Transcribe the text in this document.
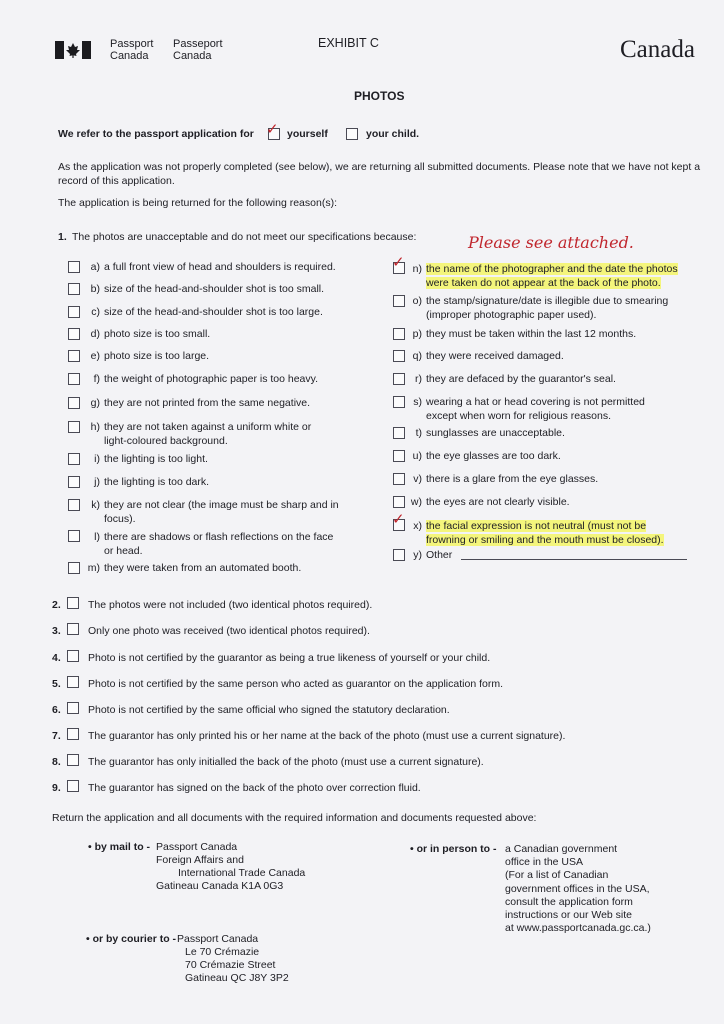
Passport
Canada
Passeport
Canada
EXHIBIT C	Canada
PHOTOS
We refer to the passport application for ✓ yourself	your child.
As the application was not properly completed (see below), we are returning all submitted documents. Please note that we have not kept a record of this application.
The application is being returned for the following reason(s):
1. The photos are unacceptable and do not meet our specifications because:	Please see attached.
a) a full front view of head and shoulders is required.
b) size of the head-and-shoulder shot is too small.
c) size of the head-and-shoulder shot is too large.
d) photo size is too small.
e) photo size is too large.
f) the weight of photographic paper is too heavy.
g) they are not printed from the same negative.
h) they are not taken against a uniform white or
light-coloured background.
i) the lighting is too light.
j) the lighting is too dark.
k) they are not clear (the image must be sharp and in
focus).
l) there are shadows or flash reflections on the face
or head.
m) they were taken from an automated booth.
✓ n) the name of the photographer and the date the photos
were taken do not appear at the back of the photo.
o) the stamp/signature/date is illegible due to smearing
(improper photographic paper used).
p) they must be taken within the last 12 months.
q) they were received damaged.
r) they are defaced by the guarantor's seal.
s) wearing a hat or head covering is not permitted
except when worn for religious reasons.
t) sunglasses are unacceptable.
u) the eye glasses are too dark.
v) there is a glare from the eye glasses.
w) the eyes are not clearly visible.
✓ x) the facial expression is not neutral (must not be
frowning or smiling and the mouth must be closed).
y) Other
2.	The photos were not included (two identical photos required).
3.	Only one photo was received (two identical photos required).
4.	Photo is not certified by the guarantor as being a true likeness of yourself or your child.
5.	Photo is not certified by the same person who acted as guarantor on the application form.
6.	Photo is not certified by the same official who signed the statutory declaration.
7.	The guarantor has only printed his or her name at the back of the photo (must use a current signature).
8.	The guarantor has only initialled the back of the photo (must use a current signature).
9.	The guarantor has signed on the back of the photo over correction fluid.
Return the application and all documents with the required information and documents requested above:
• by mail to - Passport Canada
Foreign Affairs and
International Trade Canada
Gatineau Canada K1A 0G3
• or by courier to - Passport Canada
Le 70 Crémazie
70 Crémazie Street
Gatineau QC J8Y 3P2
• or in person to - a Canadian government
office in the USA
(For a list of Canadian
government offices in the USA,
consult the application form
instructions or our Web site
at www.passportcanada.gc.ca.)
